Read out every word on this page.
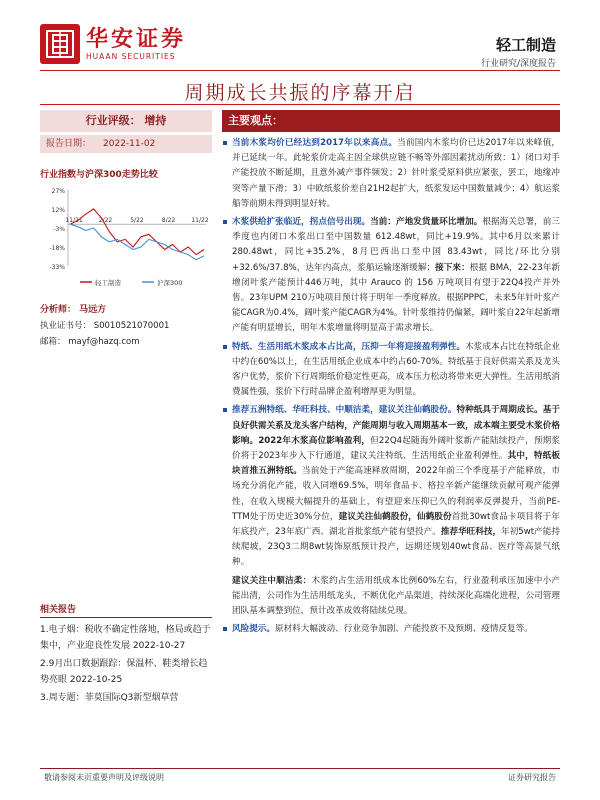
华安证券
HUAAN SECURITIES
轻工制造
行业研究/深度报告
周期成长共振的序幕开启
行业评级： 增持
报告日期： 2022-11-02
行业指数与沪深300走势比较
27%
12%
-3%
-18%
-33%
11/21	2/22	5/22	8/22	11/22
轻工制造	沪深300
分析师： 马远方
执业证书号： S0010521070001
邮箱： mayf@hazq.com
相关报告
1.电子烟：税收不确定性落地，格局或趋于集中，产业迎良性发展 2022-10-27
2.9月出口数据跟踪：保温杯、鞋类增长趋势亮眼 2022-10-25
3.周专题：菲莫国际Q3新型烟草营
主要观点：
当前木浆均价已经达到2017年以来高点。当前国内木浆均价已达2017年以来峰值，并已延续一年。此轮浆价走高主因全球供应链不畅等外部因素扰动所致：1）闭口对手产能投放不断延期，且意外减产事件频发；2）针叶浆受原料供应紧张，罢工，地缘冲突等产量下滑；3）中欧纸浆价差自21H2起扩大，纸浆发运中国数量减少；4）航运浆船等前期未得到明显好转。
木浆供给扩张临近，拐点信号出现。当前：产地发货量环比增加。根据海关总署，前三季度也内闭口木浆出口至中国数量 612.48wt，同比+19.9%。其中6月以来累计280.48wt，同比+35.2%，8月巴西出口至中国 83.43wt，同比/环比分别+32.6%/37.8%，达年内高点，浆船运输逐渐缓解；接下来：根据 BMA，22-23年新增闭叶浆产能预计446万吨，其中 Arauco 的 156 万吨项目有望于22Q4投产并外售。23年UPM 210万吨项目预计将于明年一季度释放。根据PPPC，未来5年针叶浆产能CAGR为0.4%，阔叶浆产能CAGR为4%。针叶浆维持仍偏紧，阔叶浆自22年起新增产能有明显增长，明年木浆增量将明显高于需求增长。
特纸、生活用纸木浆成本占比高，压抑一年将迎接盈利弹性。木浆成本占比在特纸企业中约在60%以上，在生活用纸企业成本中约占60-70%。特纸基于良好供需关系及龙头客户优势，浆价下行周期纸价稳定性更高，成本压力松动将带来更大弹性。生活用纸消费属性强，浆价下行时品牌企盈利增厚更为明显。
推荐五洲特纸、华旺科技、中顺洁柔，建议关注仙鹤股份。特种纸具于周期成长。基于良好供需关系及龙头客户结构，产能周期与收入周期基本一致，成本端主要受木浆价格影响。2022年木浆高位影响盈利，但22Q4起随海外阔叶浆新产能陆续投产，预期浆价将于2023年步入下行通道，建议关注特纸、生活用纸企业盈利弹性。其中，特纸板块首推五洲特纸。当前处于产能高速释放周期，2022年前三个季度基于产能释放，市场充分消化产能，收入同增69.5%，明年食品卡、格拉辛新产能继续贡献可观产能弹性，在收入规模大幅提升的基础上，有望迎来压抑已久的利润率反弹提升，当前PE-TTM处于历史近30%分位，建议关注仙鹤股份，仙鹤股份首批30wt食品卡项目将于年年底投产，23年底广西、湖北首批浆纸产能有望投产。推荐华旺科技，年初5wt产能持续爬坡，23Q3二期8wt装饰原纸预计投产，远期还规划40wt食品、医疗等高景气纸种。
建议关注中顺洁柔：木浆约占生活用纸成本比例60%左右，行业盈利承压加速中小产能出清，公司作为生活用纸龙头，不断优化产品渠道，持续深化高端化进程，公司管理团队基本调整到位，预计改革成效将陆续兑现。
风险提示。原材料大幅波动、行业竞争加剧、产能投放不及预期、疫情反复等。
敬请参阅末页重要声明及评级说明	证券研究报告
